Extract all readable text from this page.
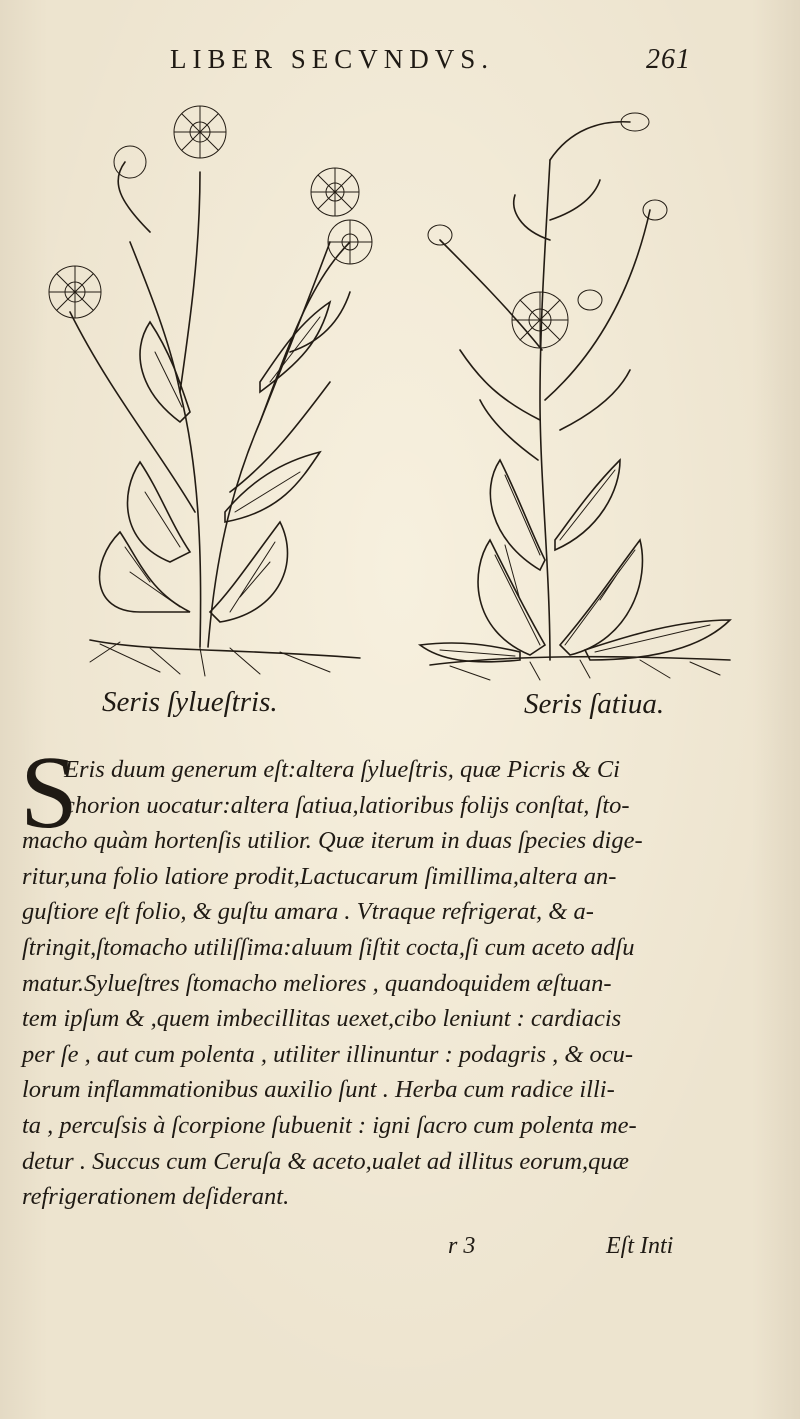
LIBER SECVNDVS.	261
Seris ſylueſtris.	Seris ſatiua.
S
Eris duum generum eſt:altera ſylueſtris, quæ Picris & Ci
chorion uocatur:altera ſatiua,latioribus folijs conſtat, ſto-
macho quàm hortenſis utilior. Quæ iterum in duas ſpecies dige-
ritur,una folio latiore prodit,Lactucarum ſimillima,altera an-
guſtiore eſt folio, & guſtu amara . Vtraque refrigerat, & a-
ſtringit,ſtomacho utiliſſima:aluum ſiſtit cocta,ſi cum aceto adſu
matur.Sylueſtres ſtomacho meliores , quandoquidem æſtuan-
tem ipſum & ,quem imbecillitas uexet,cibo leniunt : cardiacis
per ſe , aut cum polenta , utiliter illinuntur : podagris , & ocu-
lorum inflammationibus auxilio ſunt . Herba cum radice illi-
ta , percuſsis à ſcorpione ſubuenit : igni ſacro cum polenta me-
detur . Succus cum Ceruſa & aceto,ualet ad illitus eorum,quæ
refrigerationem deſiderant.
r 3	Eſt Inti
